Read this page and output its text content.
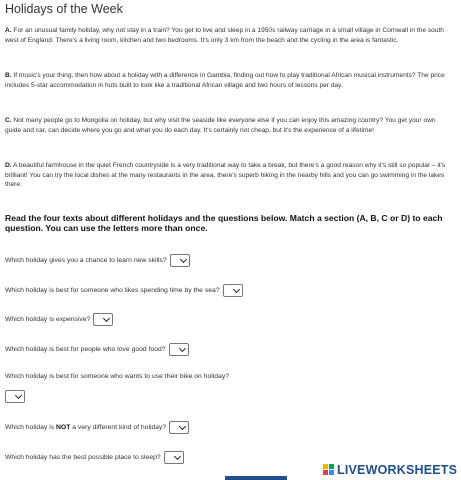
Holidays of the Week
A. For an unusual family holiday, why not stay in a train? You get to live and sleep in a 1950s railway carriage in a small village in Cornwall in the south west of England. There's a living room, kitchen and two bedrooms. It's only 3 km from the beach and the cycling in the area is fantastic.
B. If music's your thing, then how about a holiday with a difference in Gambia, finding out how to play traditional African musical instruments? The price includes 5-star accommodation in huts built to look like a traditional African village and two hours of lessons per day.
C. Not many people go to Mongolia on holiday, but why visit the seaside like everyone else if you can enjoy this amazing country? You get your own guide and car, can decide where you go and what you do each day. It's certainly not cheap, but it's the experience of a lifetime!
D. A beautiful farmhouse in the quiet French countryside is a very traditional way to take a break, but there's a good reason why it's still so popular – it's brilliant! You can try the local dishes at the many restaurants in the area, there's superb hiking in the nearby hills and you can go swimming in the lakes there.
Read the four texts about different holidays and the questions below. Match a section (A, B, C or D) to each question. You can use the letters more than once.
Which holiday gives you a chance to learn new skills?
Which holiday is best for someone who likes spending time by the sea?
Which holiday is expensive?
Which holiday is best for people who love good food?
Which holiday is best for someone who wants to use their bike on holiday?
Which holiday is NOT a very different kind of holiday?
Which holiday has the best possible place to sleep?
LIVEWORKSHEETS
